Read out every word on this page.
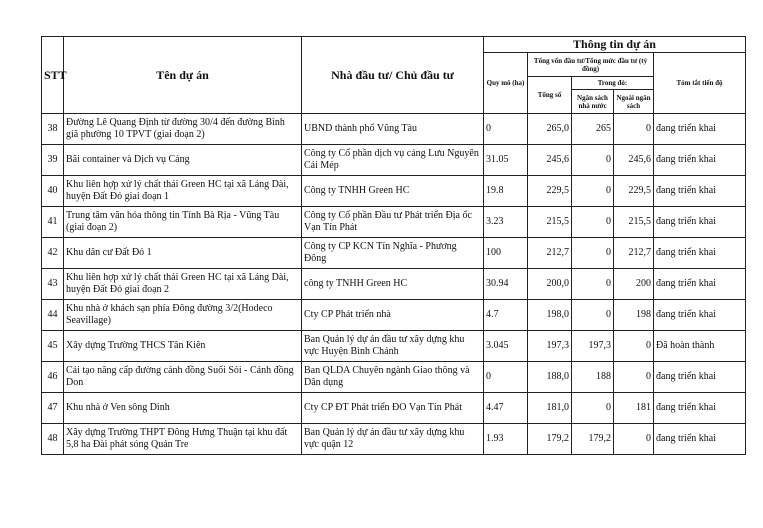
STT	Tên dự án	Nhà đầu tư/ Chủ đầu tư	Thông tin dự án				
			Quy mô (ha)	Tổng vốn đầu tư/Tổng mức đầu tư (tỷ đồng)			Tóm tắt tiến độ
				Tổng số	Trong đó:		
					Ngân sách nhà nước	Ngoài ngân sách	
38	Đường Lê Quang Định từ đường 30/4 đến đường Bình giã phường 10 TPVT (giai đoạn 2)	UBND thành phố Vũng Tàu	0	265,0	265	0	đang triển khai
39	Bãi container và Dịch vụ Cảng	Công ty Cổ phần dịch vụ cảng Lưu Nguyên Cái Mép	31.05	245,6	0	245,6	đang triển khai
40	Khu liên hợp xử lý chất thải Green HC tại xã Láng Dài, huyện Đất Đỏ giai đoạn 1	Công ty TNHH Green HC	19.8	229,5	0	229,5	đang triển khai
41	Trung tâm văn hóa thông tin Tỉnh Bà Rịa - Vũng Tàu (giai đoạn 2)	Công ty Cổ phần Đầu tư Phát triển Địa ốc Vạn Tín Phát	3.23	215,5	0	215,5	đang triển khai
42	Khu dân cư Đất Đỏ 1	Công ty CP KCN Tín Nghĩa - Phương Đông	100	212,7	0	212,7	đang triển khai
43	Khu liên hợp xử lý chất thải Green HC tại xã Láng Dài, huyện Đất Đỏ giai đoạn 2	công ty TNHH Green HC	30.94	200,0	0	200	đang triển khai
44	Khu nhà ở khách sạn phía Đông đường 3/2(Hodeco Seavillage)	Cty CP Phát triển nhà	4.7	198,0	0	198	đang triển khai
45	Xây dựng Trường THCS Tân Kiên	Ban Quản lý dự án đầu tư xây dựng khu vực Huyện Bình Chánh	3.045	197,3	197,3	0	Đã hoàn thành
46	Cải tạo nâng cấp đường cánh đồng Suối Sỏi - Cánh đồng Don	Ban QLDA Chuyên ngành Giao thông và Dân dụng	0	188,0	188	0	đang triển khai
47	Khu nhà ở Ven sông Dinh	Cty CP ĐT Phát triển ĐO Vạn Tín Phát	4.47	181,0	0	181	đang triển khai
48	Xây dựng Trường THPT Đông Hưng Thuận tại khu đất 5,8 ha Đài phát sóng Quán Tre	Ban Quản lý dự án đầu tư xây dựng khu vực quận 12	1.93	179,2	179,2	0	đang triển khai
